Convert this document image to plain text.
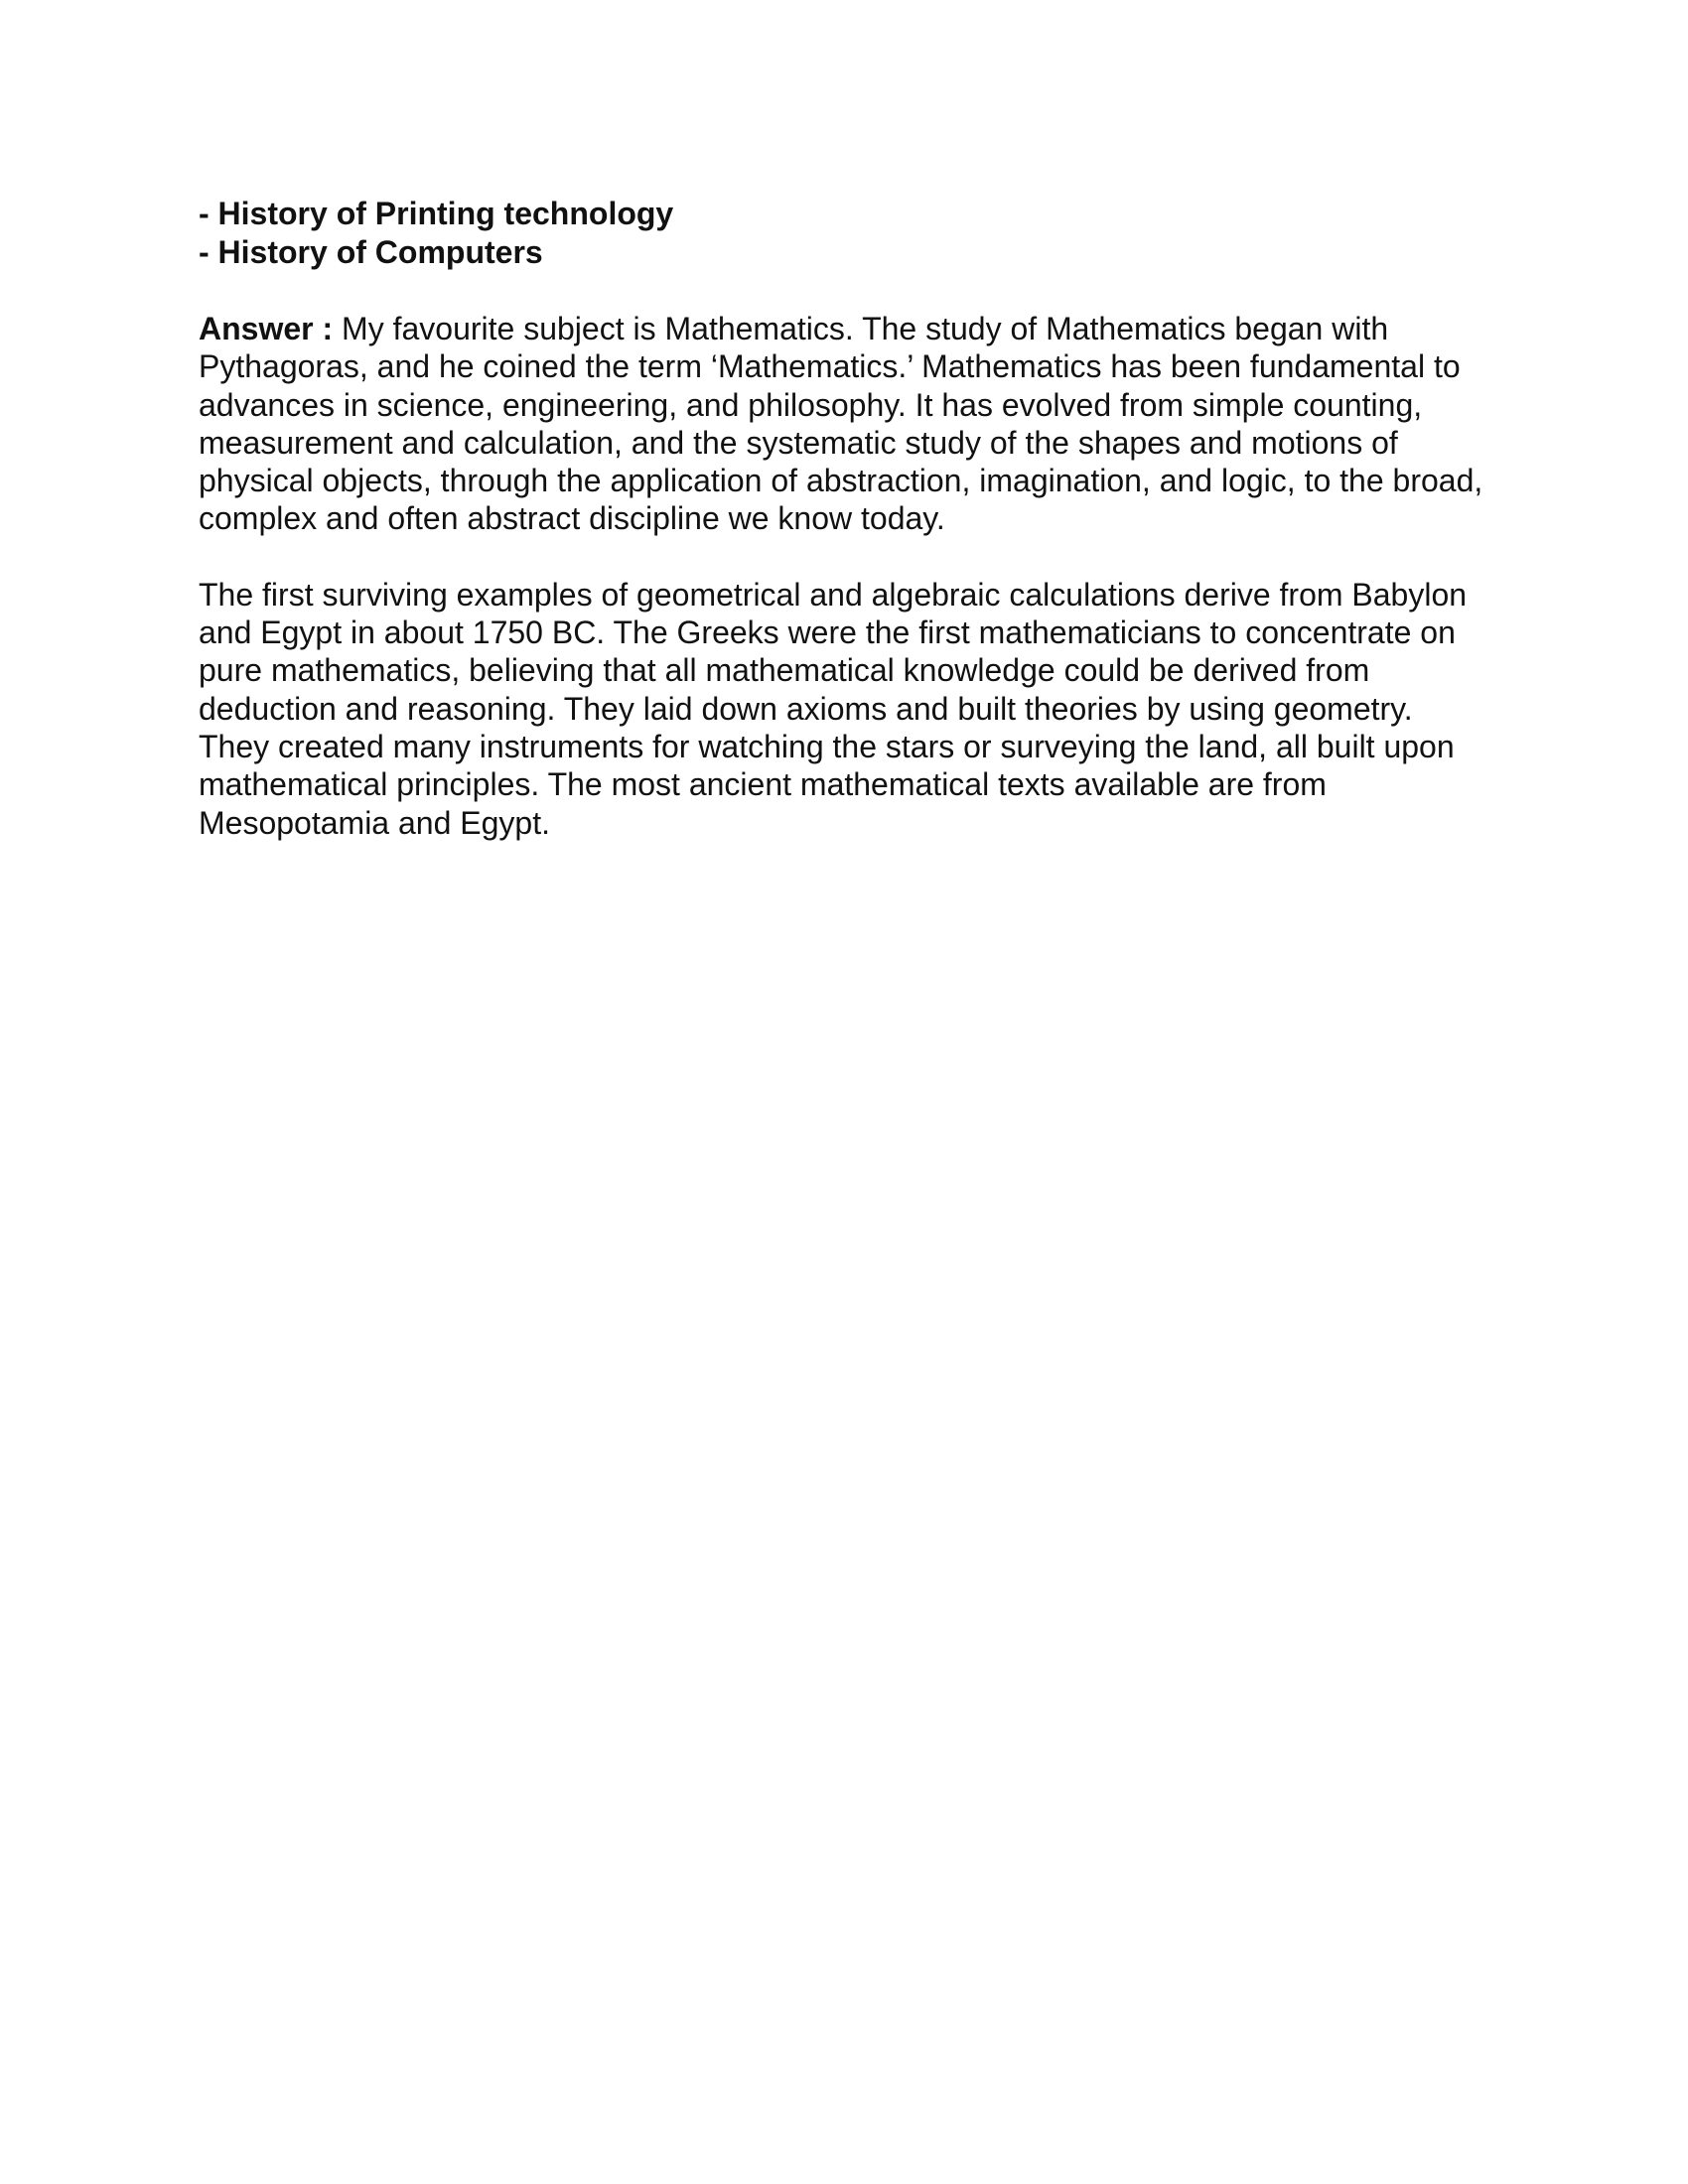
- History of Printing technology
- History of Computers

Answer : My favourite subject is Mathematics. The study of Mathematics began with Pythagoras, and he coined the term ‘Mathematics.’ Mathematics has been fundamental to advances in science, engineering, and philosophy. It has evolved from simple counting, measurement and calculation, and the systematic study of the shapes and motions of physical objects, through the application of abstraction, imagination, and logic, to the broad, complex and often abstract discipline we know today.

The first surviving examples of geometrical and algebraic calculations derive from Babylon and Egypt in about 1750 BC. The Greeks were the first mathematicians to concentrate on pure mathematics, believing that all mathematical knowledge could be derived from deduction and reasoning. They laid down axioms and built theories by using geometry. They created many instruments for watching the stars or surveying the land, all built upon mathematical principles. The most ancient mathematical texts available are from Mesopotamia and Egypt.
